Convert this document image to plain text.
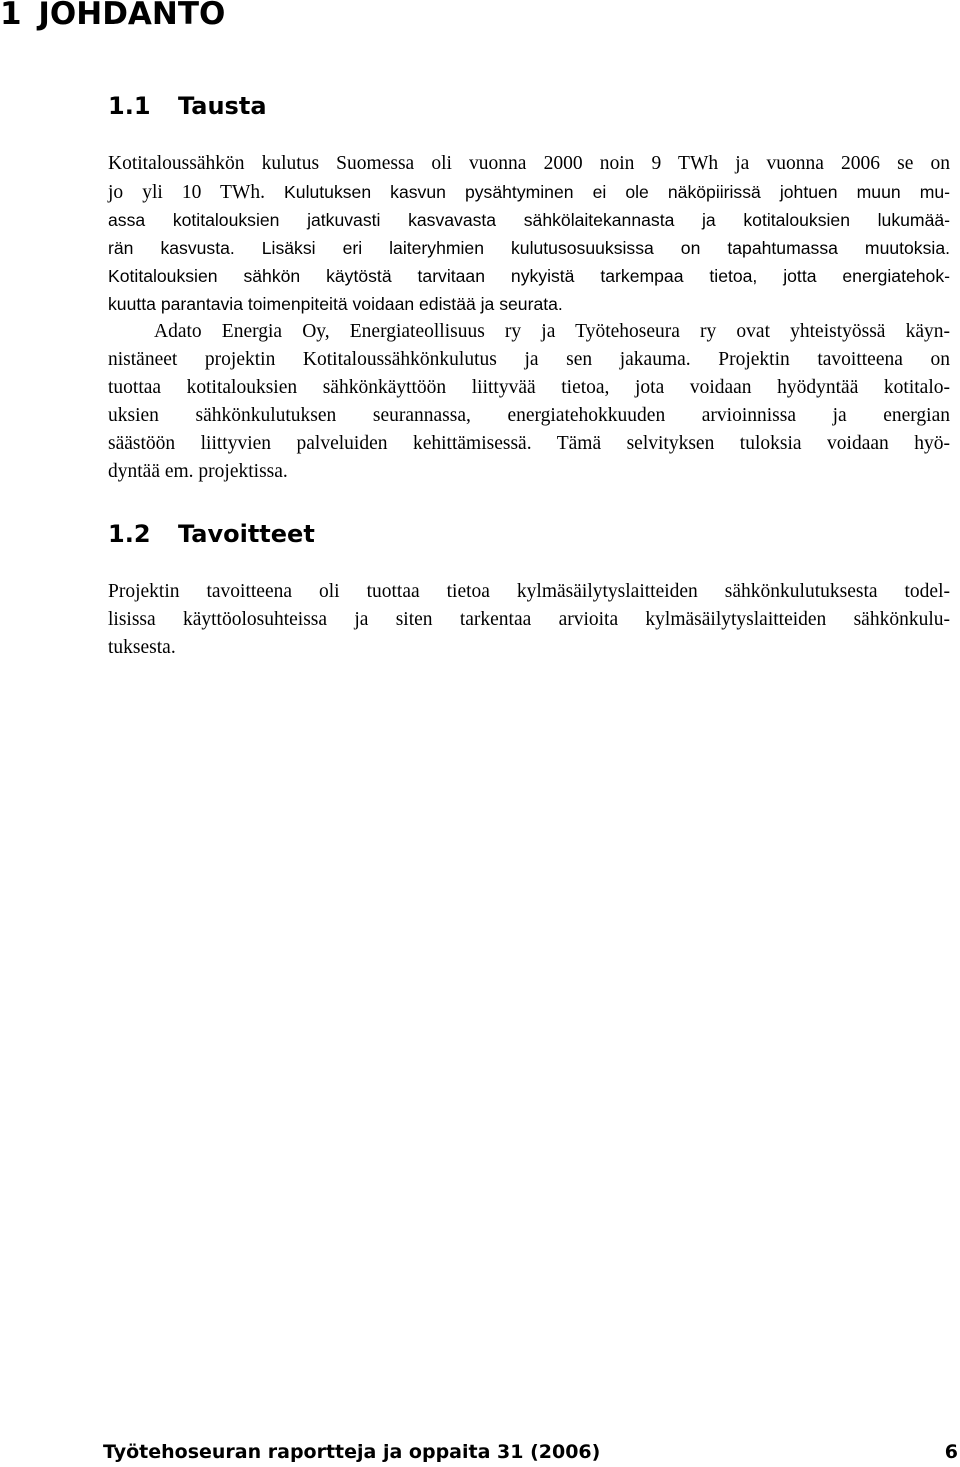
1 JOHDANTO
1.1 Tausta
Kotitaloussähkön kulutus Suomessa oli vuonna 2000 noin 9 TWh ja vuonna 2006 se on
jo yli 10 TWh. Kulutuksen kasvun pysähtyminen ei ole näköpiirissä johtuen muun mu-
assa kotitalouksien jatkuvasti kasvavasta sähkölaitekannasta ja kotitalouksien lukumää-
rän kasvusta. Lisäksi eri laiteryhmien kulutusosuuksissa on tapahtumassa muutoksia.
Kotitalouksien sähkön käytöstä tarvitaan nykyistä tarkempaa tietoa, jotta energiatehok-
kuutta parantavia toimenpiteitä voidaan edistää ja seurata.
Adato Energia Oy, Energiateollisuus ry ja Työtehoseura ry ovat yhteistyössä käyn-
nistäneet projektin Kotitaloussähkönkulutus ja sen jakauma. Projektin tavoitteena on
tuottaa kotitalouksien sähkönkäyttöön liittyvää tietoa, jota voidaan hyödyntää kotitalo-
uksien sähkönkulutuksen seurannassa, energiatehokkuuden arvioinnissa ja energian
säästöön liittyvien palveluiden kehittämisessä. Tämä selvityksen tuloksia voidaan hyö-
dyntää em. projektissa.
1.2 Tavoitteet
Projektin tavoitteena oli tuottaa tietoa kylmäsäilytyslaitteiden sähkönkulutuksesta todel-
lisissa käyttöolosuhteissa ja siten tarkentaa arvioita kylmäsäilytyslaitteiden sähkönkulu-
tuksesta.
Työtehoseuran raportteja ja oppaita 31 (2006)	6
